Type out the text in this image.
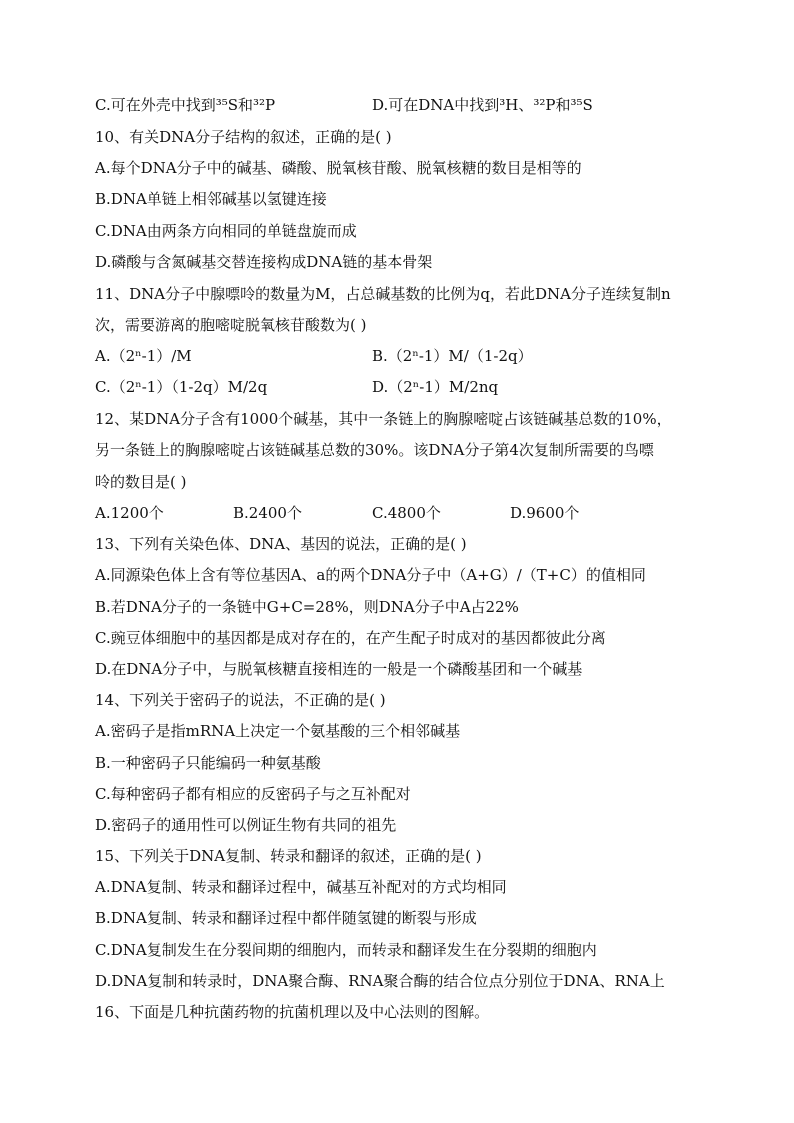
C.可在外壳中找到³⁵S和³²P	D.可在DNA中找到³H、³²P和³⁵S
10、有关DNA分子结构的叙述，正确的是( )
A.每个DNA分子中的碱基、磷酸、脱氧核苷酸、脱氧核糖的数目是相等的
B.DNA单链上相邻碱基以氢键连接
C.DNA由两条方向相同的单链盘旋而成
D.磷酸与含氮碱基交替连接构成DNA链的基本骨架
11、DNA分子中腺嘌呤的数量为M，占总碱基数的比例为q，若此DNA分子连续复制n
次，需要游离的胞嘧啶脱氧核苷酸数为( )
A.（2ⁿ-1）/M	B.（2ⁿ-1）M/（1-2q）
C.（2ⁿ-1）（1-2q）M/2q	D.（2ⁿ-1）M/2nq
12、某DNA分子含有1000个碱基，其中一条链上的胸腺嘧啶占该链碱基总数的10%，
另一条链上的胸腺嘧啶占该链碱基总数的30%。该DNA分子第4次复制所需要的鸟嘌
呤的数目是( )
A.1200个	B.2400个	C.4800个	D.9600个
13、下列有关染色体、DNA、基因的说法，正确的是( )
A.同源染色体上含有等位基因A、a的两个DNA分子中（A+G）/（T+C）的值相同
B.若DNA分子的一条链中G+C=28%，则DNA分子中A占22%
C.豌豆体细胞中的基因都是成对存在的，在产生配子时成对的基因都彼此分离
D.在DNA分子中，与脱氧核糖直接相连的一般是一个磷酸基团和一个碱基
14、下列关于密码子的说法，不正确的是( )
A.密码子是指mRNA上决定一个氨基酸的三个相邻碱基
B.一种密码子只能编码一种氨基酸
C.每种密码子都有相应的反密码子与之互补配对
D.密码子的通用性可以例证生物有共同的祖先
15、下列关于DNA复制、转录和翻译的叙述，正确的是( )
A.DNA复制、转录和翻译过程中，碱基互补配对的方式均相同
B.DNA复制、转录和翻译过程中都伴随氢键的断裂与形成
C.DNA复制发生在分裂间期的细胞内，而转录和翻译发生在分裂期的细胞内
D.DNA复制和转录时，DNA聚合酶、RNA聚合酶的结合位点分别位于DNA、RNA上
16、下面是几种抗菌药物的抗菌机理以及中心法则的图解。
